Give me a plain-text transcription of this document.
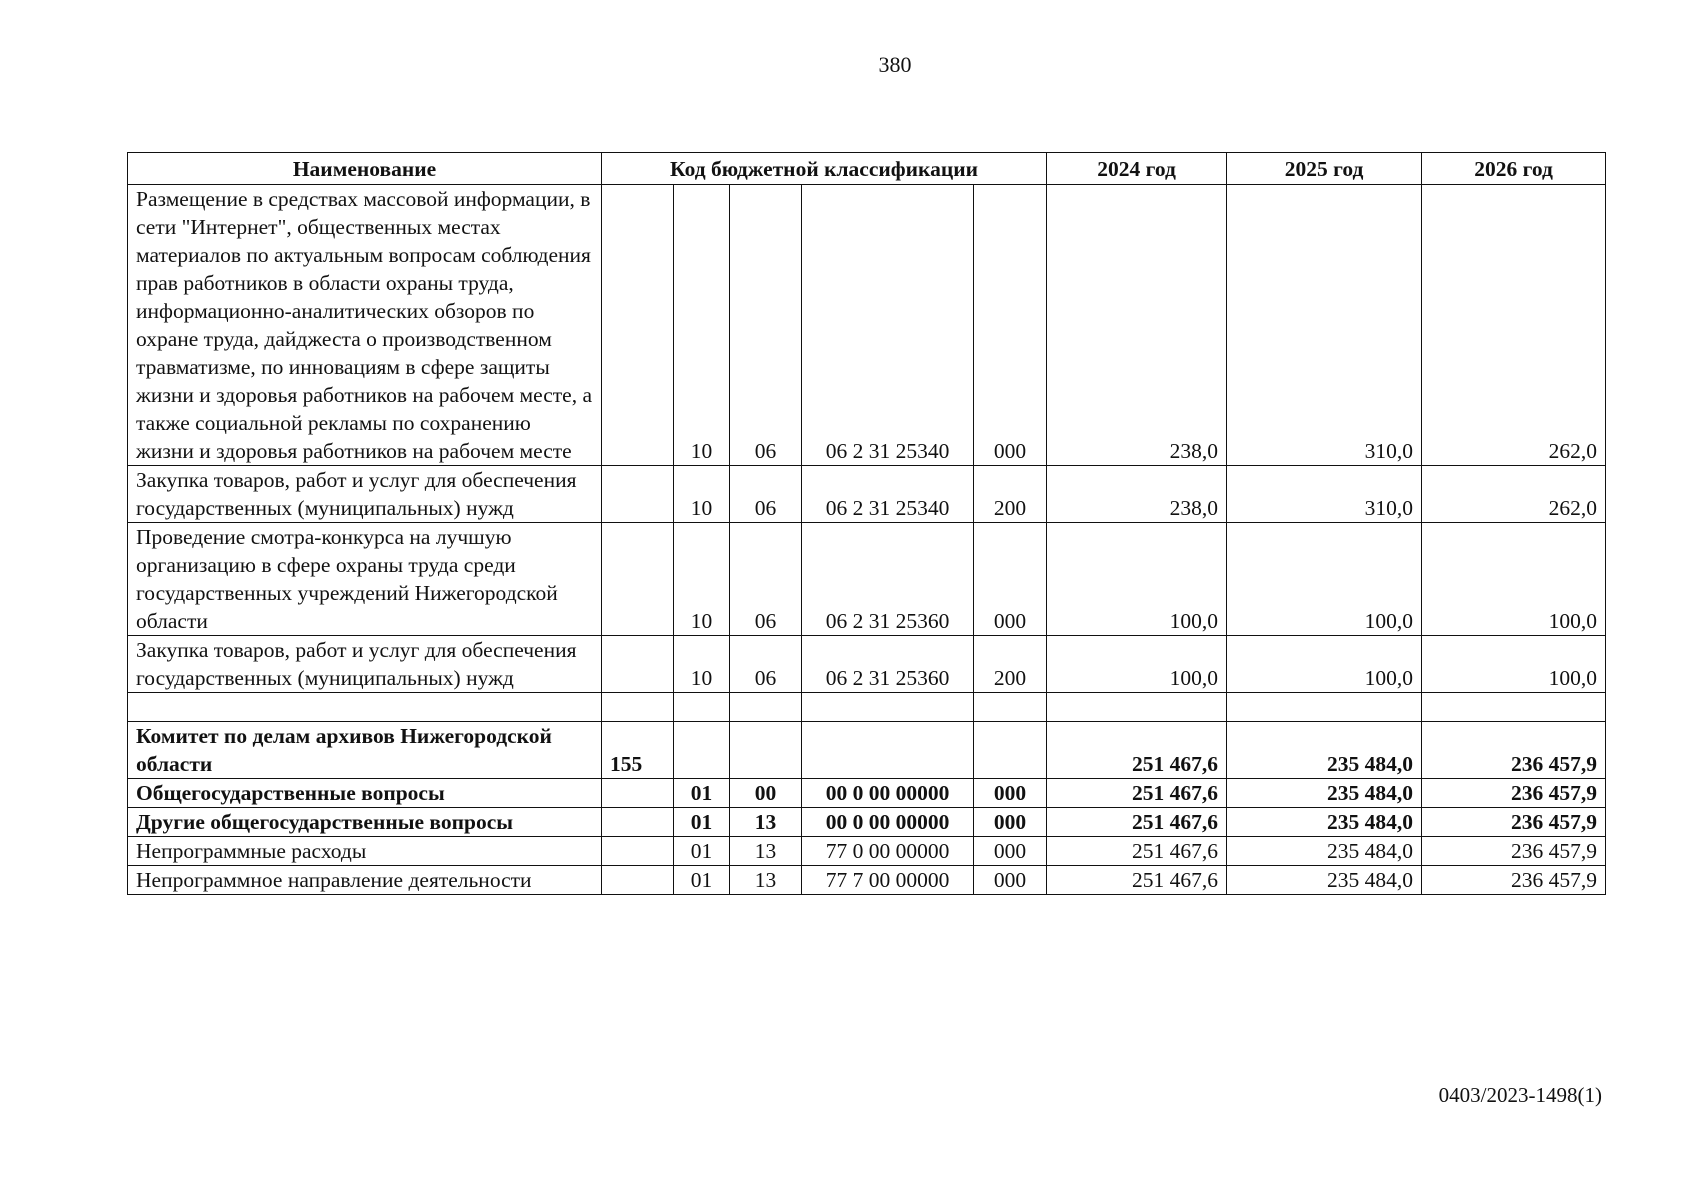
380
Наименование	Код бюджетной классификации					2024 год	2025 год	2026 год
Размещение в средствах массовой информации, в сети "Интернет", общественных местах материалов по актуальным вопросам соблюдения прав работников в области охраны труда, информационно-аналитических обзоров по охране труда, дайджеста о производственном травматизме, по инновациям в сфере защиты жизни и здоровья работников на рабочем месте, а также социальной рекламы по сохранению жизни и здоровья работников на рабочем месте		10	06	06 2 31 25340	000	238,0	310,0	262,0
Закупка товаров, работ и услуг для обеспечения государственных (муниципальных) нужд		10	06	06 2 31 25340	200	238,0	310,0	262,0
Проведение смотра-конкурса на лучшую организацию в сфере охраны труда среди государственных учреждений Нижегородской области		10	06	06 2 31 25360	000	100,0	100,0	100,0
Закупка товаров, работ и услуг для обеспечения государственных (муниципальных) нужд		10	06	06 2 31 25360	200	100,0	100,0	100,0

Комитет по делам архивов Нижегородской области	155					251 467,6	235 484,0	236 457,9
Общегосударственные вопросы		01	00	00 0 00 00000	000	251 467,6	235 484,0	236 457,9
Другие общегосударственные вопросы		01	13	00 0 00 00000	000	251 467,6	235 484,0	236 457,9
Непрограммные расходы		01	13	77 0 00 00000	000	251 467,6	235 484,0	236 457,9
Непрограммное направление деятельности		01	13	77 7 00 00000	000	251 467,6	235 484,0	236 457,9
0403/2023-1498(1)
